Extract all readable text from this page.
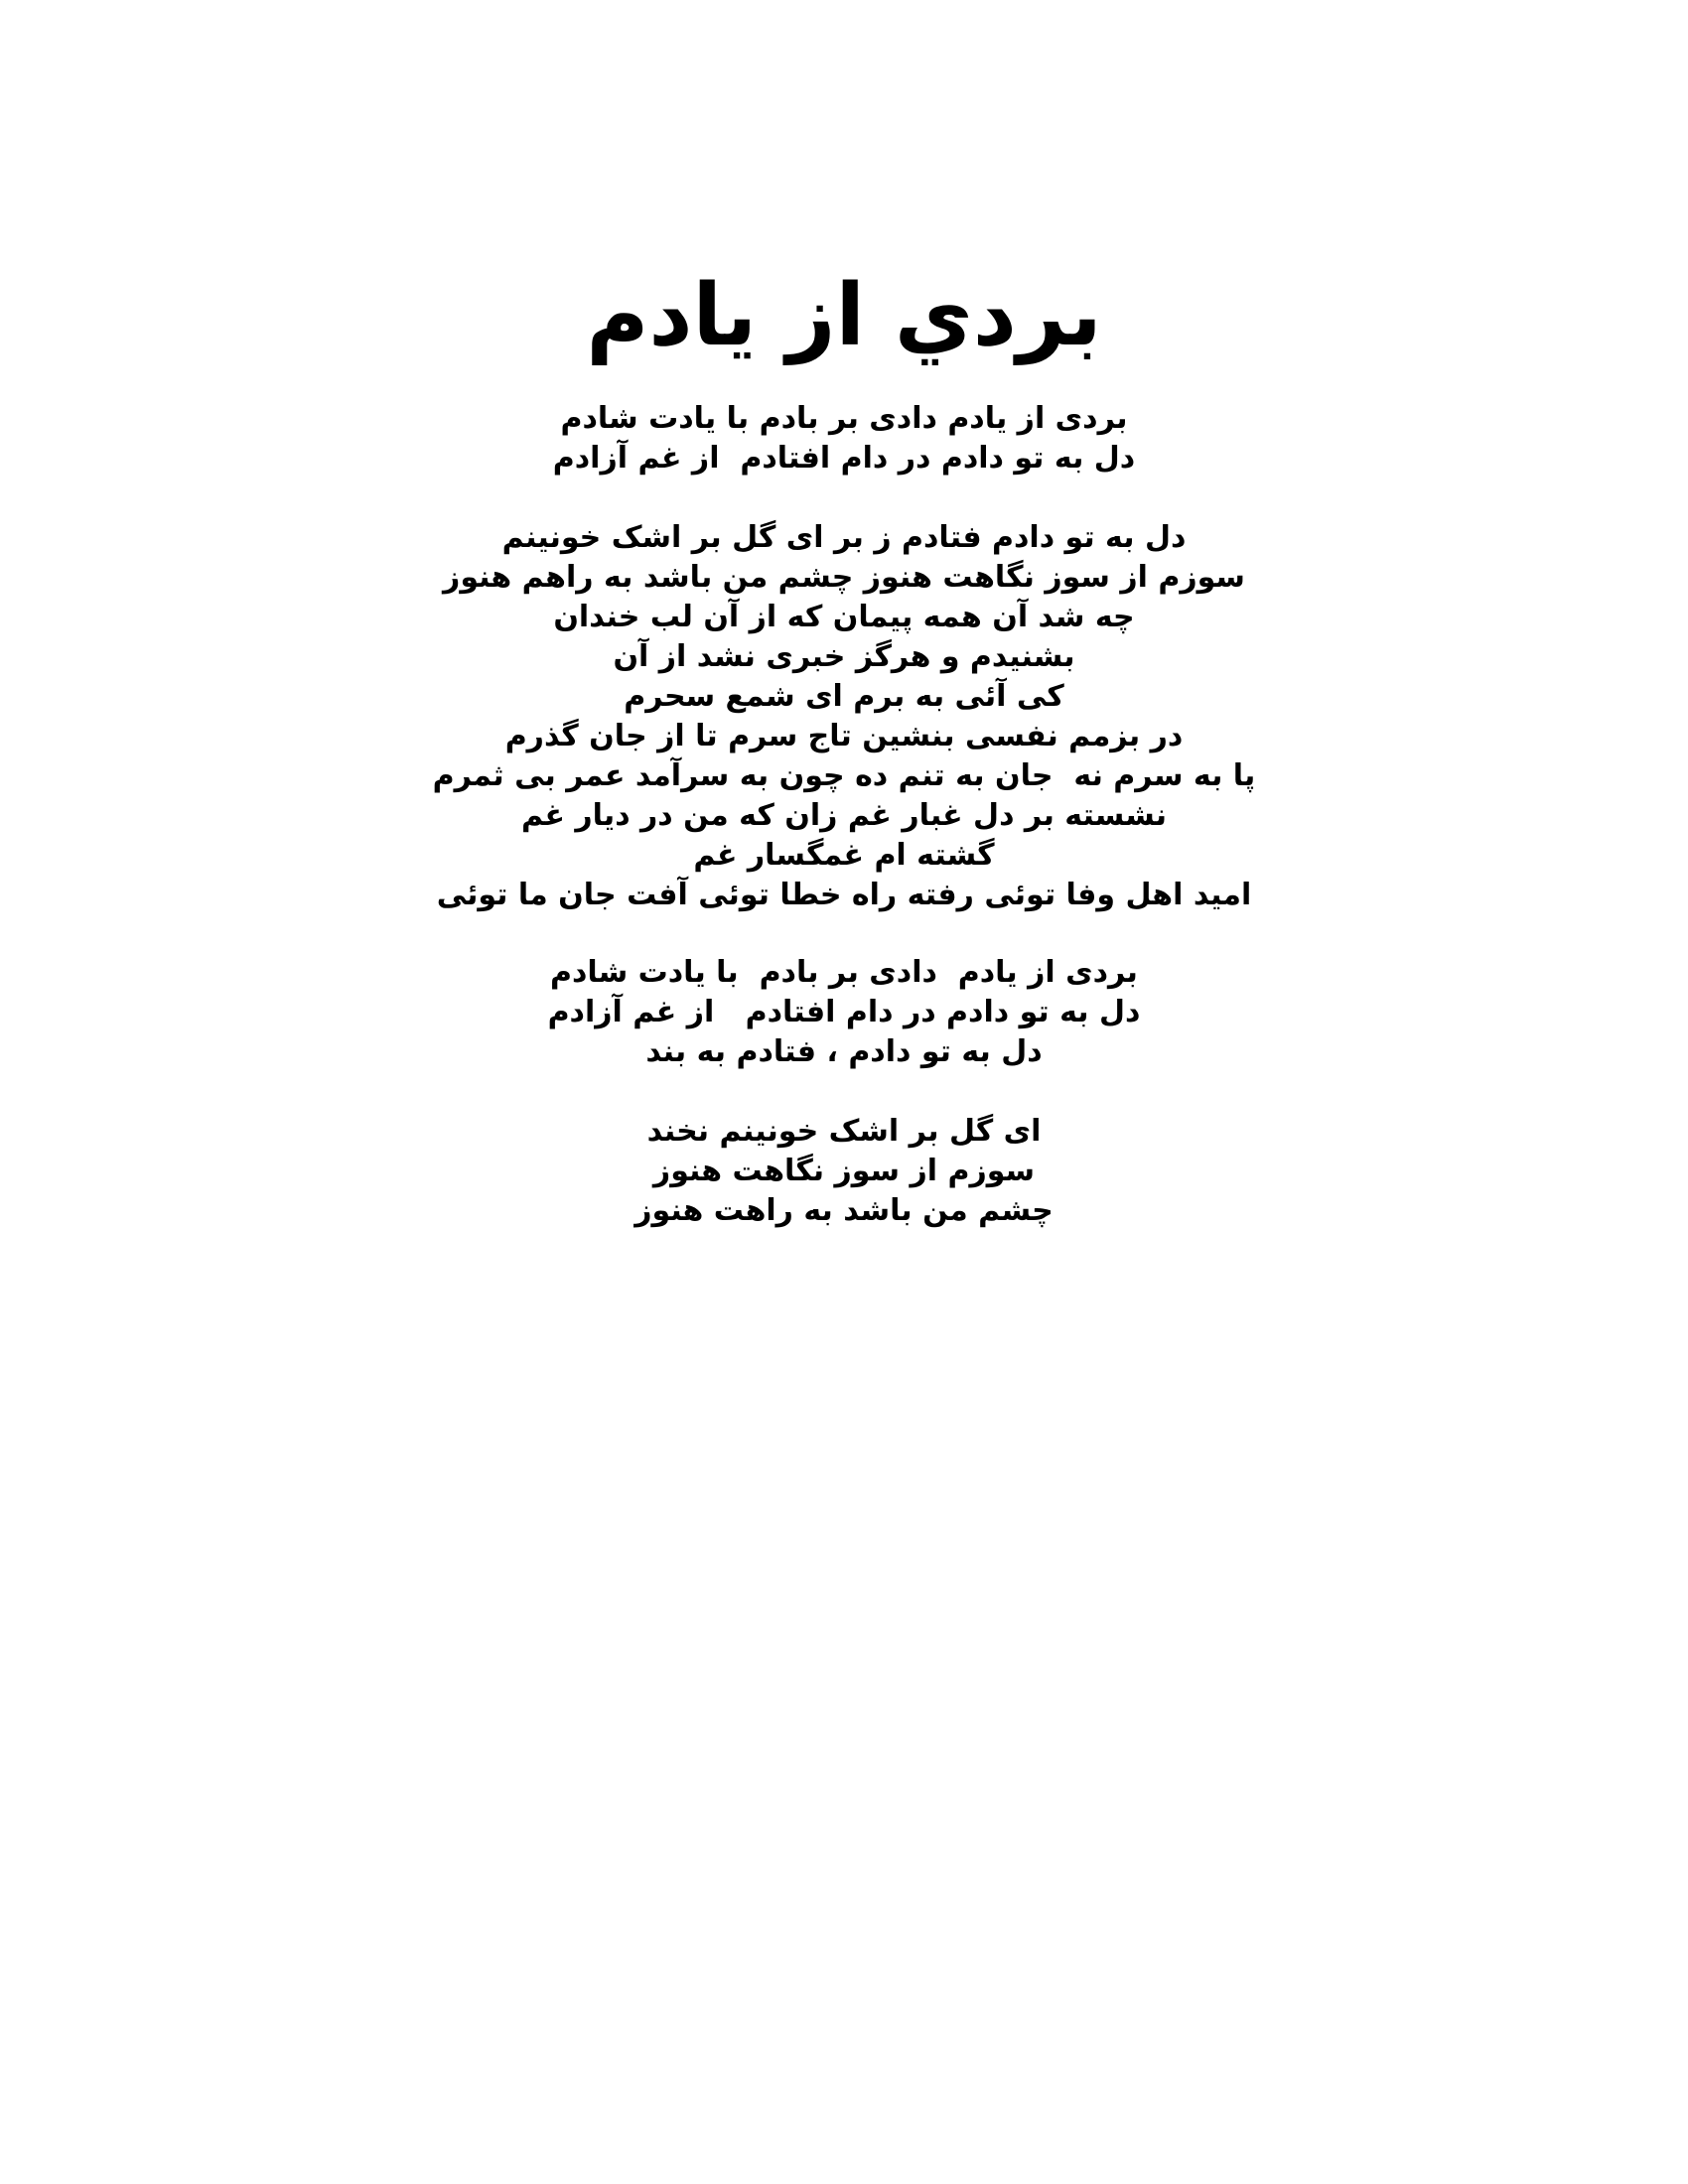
بردي از يادم
بردی از یادم دادی بر بادم با یادت شادم
دل به تو دادم در دام افتادم  از غم آزادم
دل به تو دادم فتادم ز بر ای گل بر اشک خونینم
سوزم از سوز نگاهت هنوز چشم من باشد به راهم هنوز
چه شد آن همه پیمان که از آن لب خندان
بشنیدم و هرگز خبری نشد از آن
کی آئی به برم ای شمع سحرم
در بزمم نفسی بنشین تاج سرم تا از جان گذرم
پا به سرم نه  جان به تنم ده چون به سرآمد عمر بی ثمرم
نشسته بر دل غبار غم زان که من در دیار غم
گشته ام غمگسار غم
امید اهل وفا توئی رفته راه خطا توئی آفت جان ما توئی
بردی از یادم  دادی بر بادم  با یادت شادم
دل به تو دادم در دام افتادم   از غم آزادم
دل به تو دادم ، فتادم به بند
ای گل بر اشک خونینم نخند
سوزم از سوز نگاهت هنوز
چشم من باشد به راهت هنوز
